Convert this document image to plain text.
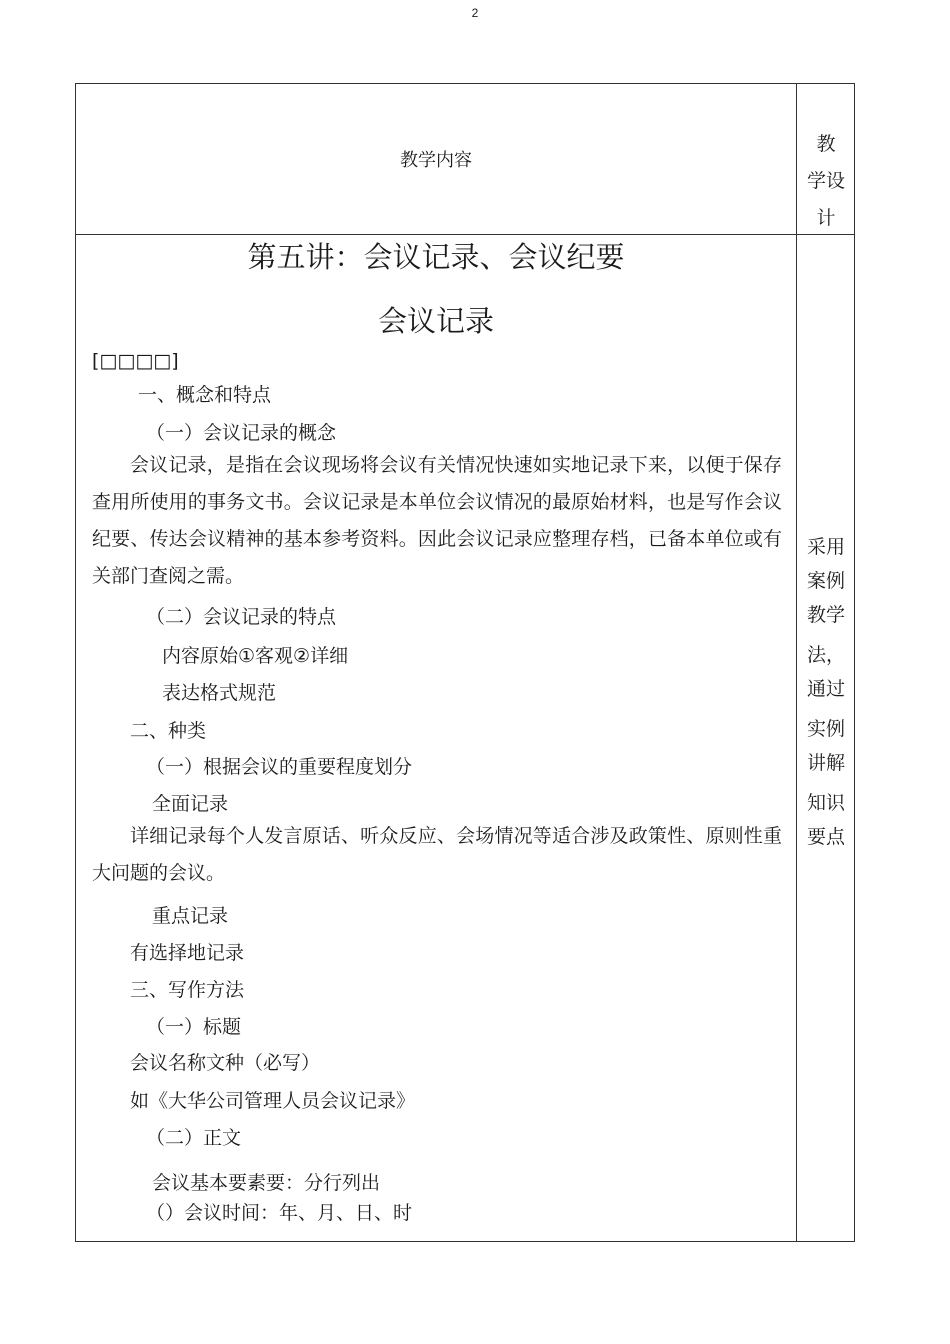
2
教学内容
教
学设
计
第五讲：会议记录、会议纪要
会议记录
[□□□□]
一、概念和特点
（一）会议记录的概念
会议记录，是指在会议现场将会议有关情况快速如实地记录下来，以便于保存查用所使用的事务文书。会议记录是本单位会议情况的最原始材料，也是写作会议纪要、传达会议精神的基本参考资料。因此会议记录应整理存档，已备本单位或有关部门查阅之需。
（二）会议记录的特点
内容原始①客观②详细
表达格式规范
二、种类
（一）根据会议的重要程度划分
全面记录
详细记录每个人发言原话、听众反应、会场情况等适合涉及政策性、原则性重大问题的会议。
重点记录
有选择地记录
三、写作方法
（一）标题
会议名称文种（必写）
如《大华公司管理人员会议记录》
（二）正文
会议基本要素要：分行列出
（）会议时间：年、月、日、时
采用
案例
教学
法，
通过
实例
讲解
知识
要点
